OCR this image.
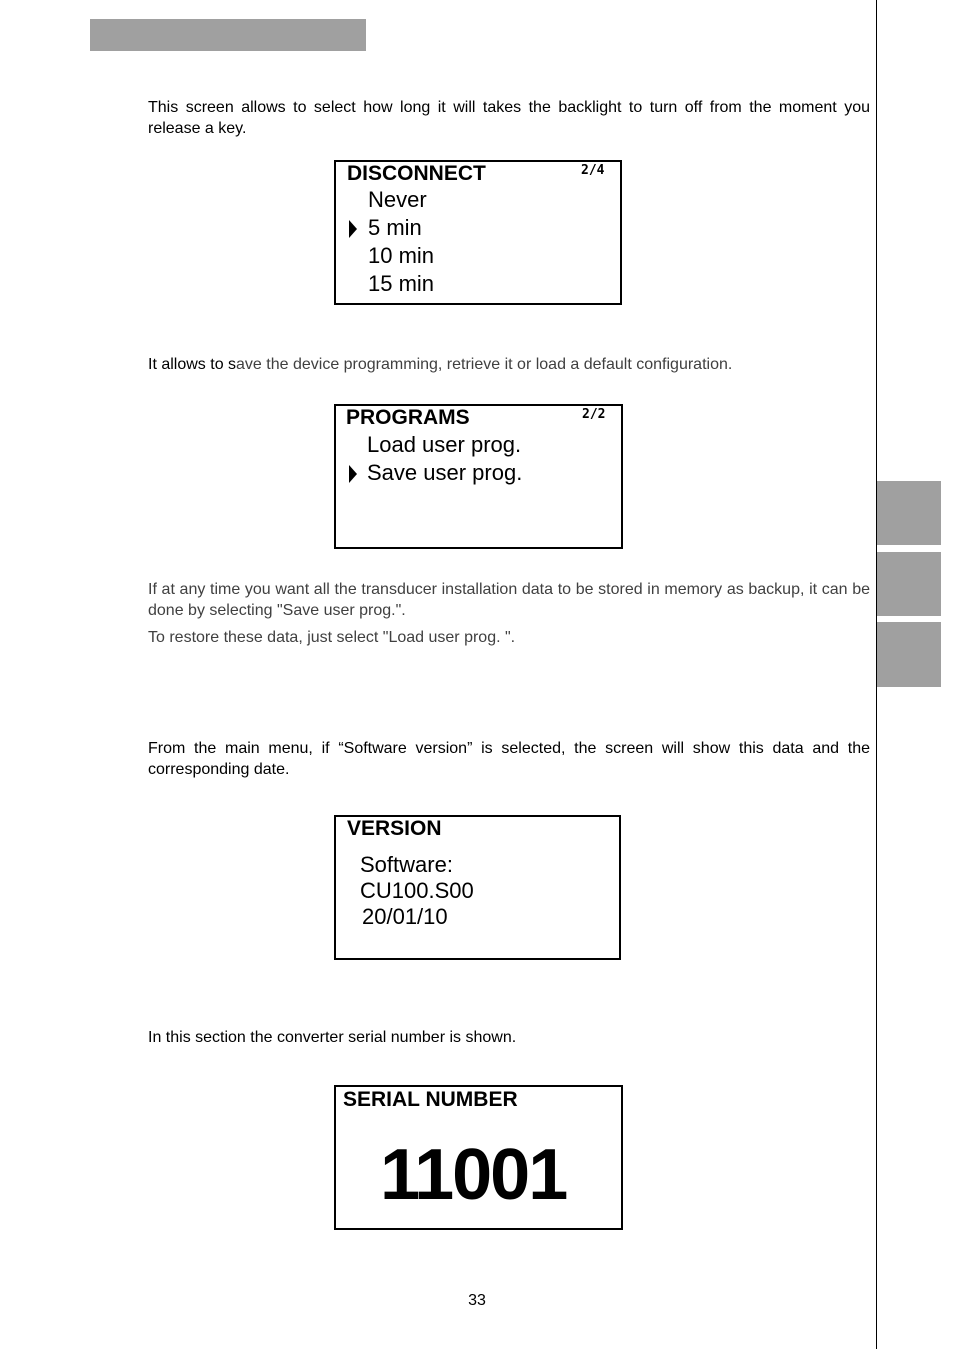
This screen allows to select how long it will takes the backlight to turn off from the moment you release a key.

DISCONNECT	2/4
Never
5 min
10 min
15 min

It allows to save the device programming, retrieve it or load a default configuration.

PROGRAMS	2/2
Load user prog.
Save user prog.

If at any time you want all the transducer installation data to be stored in memory as backup, it can be done by selecting "Save user prog.".

To restore these data, just select "Load user prog. ".

From the main menu, if “Software version” is selected, the screen will show this data and the corresponding date.

VERSION
Software:
CU100.S00
20/01/10

In this section the converter serial number is shown.

SERIAL NUMBER
11001
33
